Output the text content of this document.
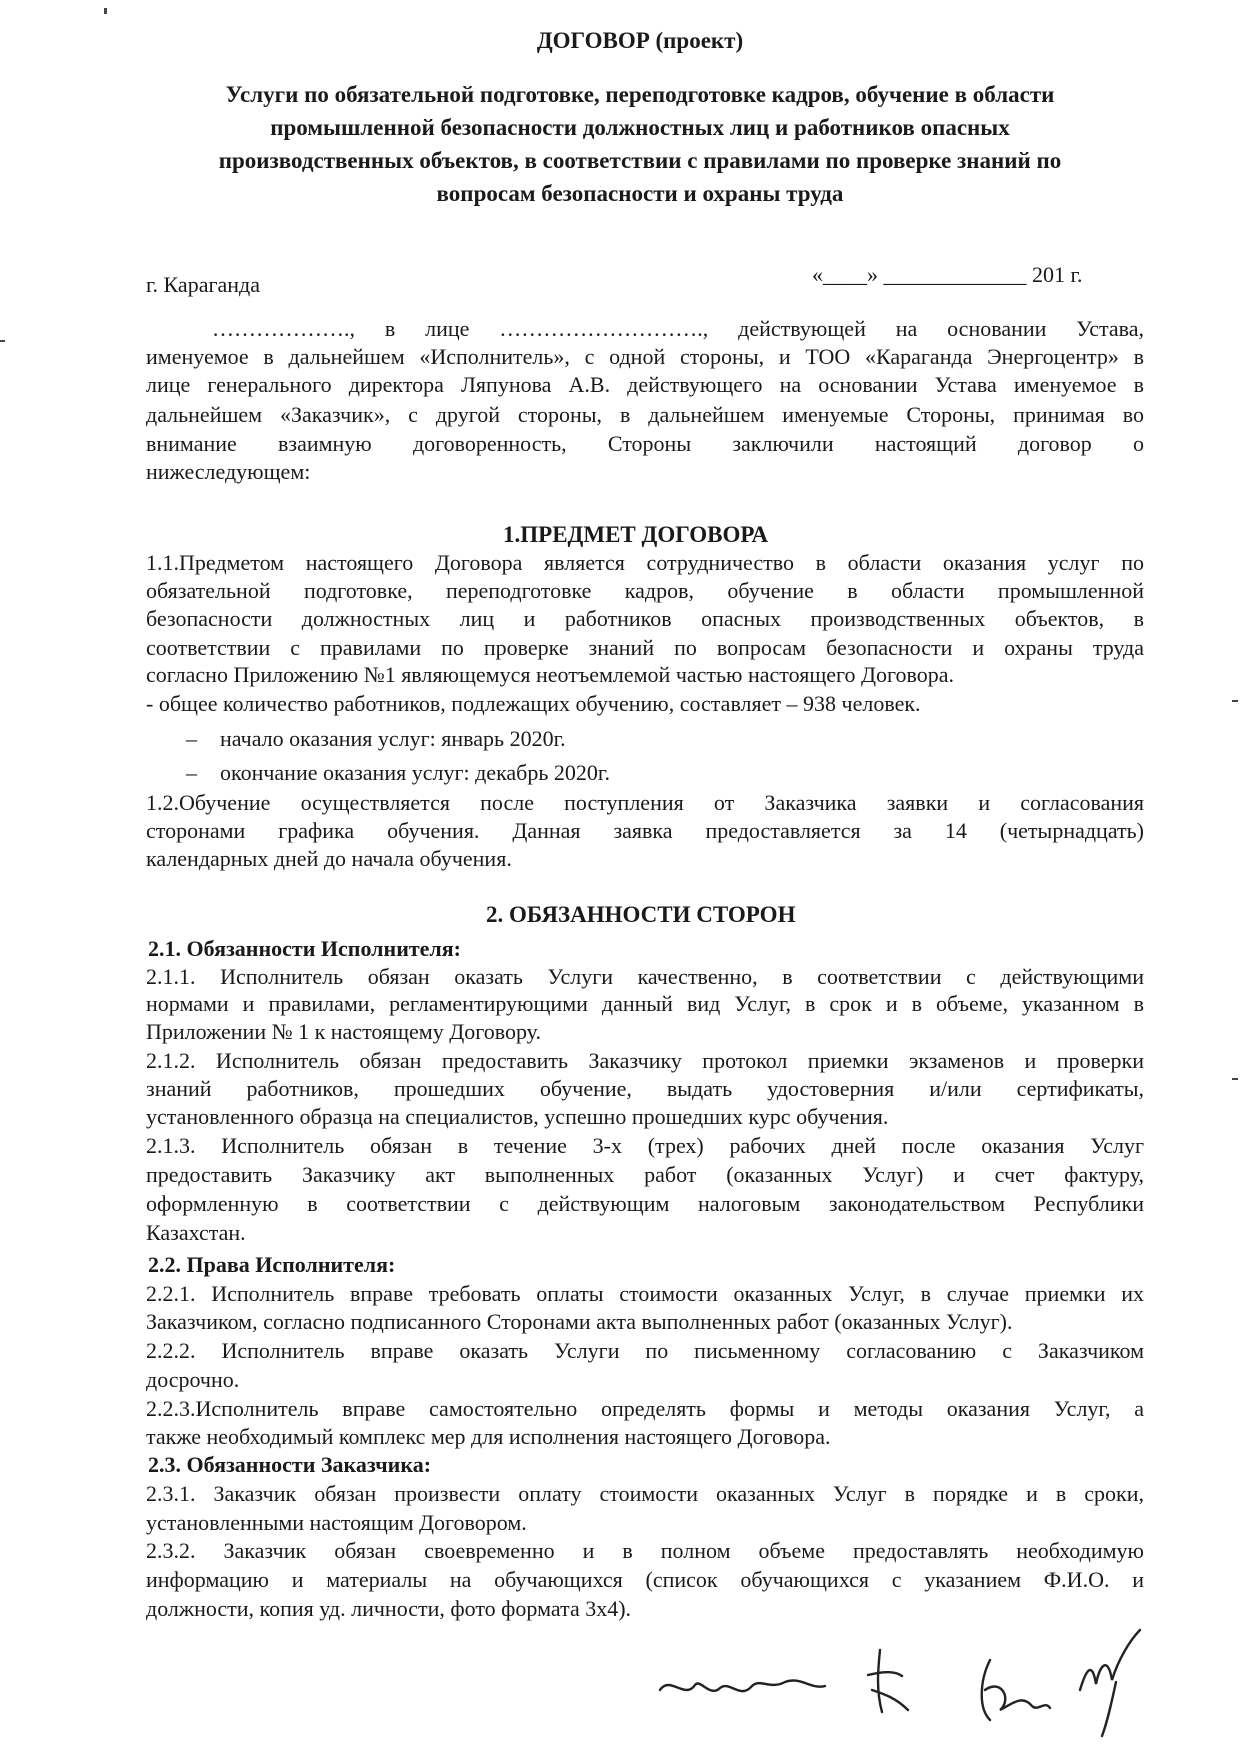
ДОГОВОР (проект)
Услуги по обязательной подготовке, переподготовке кадров, обучение в области
промышленной безопасности должностных лиц и работников опасных
производственных объектов, в соответствии с правилами по проверке знаний по
вопросам безопасности и охраны труда
г. Караганда	«____» _____________ 201 г.
………………., в лице ………………………., действующей на основании Устава,
именуемое в дальнейшем «Исполнитель», с одной стороны, и ТОО «Караганда Энергоцентр» в
лице генерального директора Ляпунова А.В. действующего на основании Устава именуемое в
дальнейшем «Заказчик», с другой стороны, в дальнейшем именуемые Стороны, принимая во
внимание взаимную договоренность, Стороны заключили настоящий договор о
нижеследующем:
1.ПРЕДМЕТ ДОГОВОРА
1.1.Предметом настоящего Договора является сотрудничество в области оказания услуг по
обязательной подготовке, переподготовке кадров, обучение в области промышленной
безопасности должностных лиц и работников опасных производственных объектов, в
соответствии с правилами по проверке знаний по вопросам безопасности и охраны труда
согласно Приложению №1 являющемуся неотъемлемой частью настоящего Договора.
- общее количество работников, подлежащих обучению, составляет – 938 человек.
– начало оказания услуг: январь 2020г.
– окончание оказания услуг: декабрь 2020г.
1.2.Обучение осуществляется после поступления от Заказчика заявки и согласования
сторонами графика обучения. Данная заявка предоставляется за 14 (четырнадцать)
календарных дней до начала обучения.
2. ОБЯЗАННОСТИ СТОРОН
2.1. Обязанности Исполнителя:
2.1.1. Исполнитель обязан оказать Услуги качественно, в соответствии с действующими
нормами и правилами, регламентирующими данный вид Услуг, в срок и в объеме, указанном в
Приложении № 1 к настоящему Договору.
2.1.2. Исполнитель обязан предоставить Заказчику протокол приемки экзаменов и проверки
знаний работников, прошедших обучение, выдать удостоверния и/или сертификаты,
установленного образца на специалистов, успешно прошедших курс обучения.
2.1.3. Исполнитель обязан в течение 3-х (трех) рабочих дней после оказания Услуг
предоставить Заказчику акт выполненных работ (оказанных Услуг) и счет фактуру,
оформленную в соответствии с действующим налоговым законодательством Республики
Казахстан.
2.2. Права Исполнителя:
2.2.1. Исполнитель вправе требовать оплаты стоимости оказанных Услуг, в случае приемки их
Заказчиком, согласно подписанного Сторонами акта выполненных работ (оказанных Услуг).
2.2.2. Исполнитель вправе оказать Услуги по письменному согласованию с Заказчиком
досрочно.
2.2.3.Исполнитель вправе самостоятельно определять формы и методы оказания Услуг, а
также необходимый комплекс мер для исполнения настоящего Договора.
2.3. Обязанности Заказчика:
2.3.1. Заказчик обязан произвести оплату стоимости оказанных Услуг в порядке и в сроки,
установленными настоящим Договором.
2.3.2. Заказчик обязан своевременно и в полном объеме предоставлять необходимую
информацию и материалы на обучающихся (список обучающихся с указанием Ф.И.О. и
должности, копия уд. личности, фото формата 3х4).
